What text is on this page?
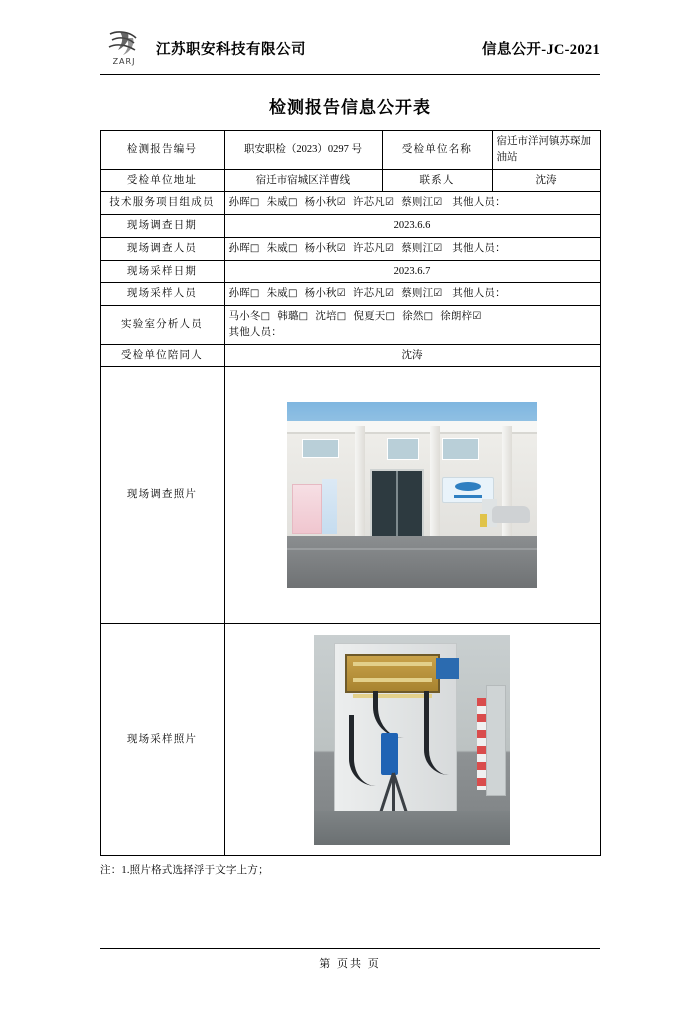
ZARJ
江苏职安科技有限公司	信息公开-JC-2021
检测报告信息公开表
检测报告编号	职安职检（2023）0297 号	受检单位名称	宿迁市洋河镇苏琛加油站
受检单位地址	宿迁市宿城区洋曹线	联系人	沈涛
技术服务项目组成员	孙晖□ 朱威□ 杨小秋☑ 许芯凡☑ 蔡则江☑ 其他人员：		
现场调查日期	2023.6.6		
现场调查人员	孙晖□ 朱威□ 杨小秋☑ 许芯凡☑ 蔡则江☑ 其他人员：		
现场采样日期	2023.6.7		
现场采样人员	孙晖□ 朱威□ 杨小秋☑ 许芯凡☑ 蔡则江☑ 其他人员：		
实验室分析人员	马小冬□ 韩璐□ 沈培□ 倪夏天□ 徐然□ 徐朗梓☑
其他人员：		
受检单位陪同人	沈涛		
现场调查照片			

现场采样照片			
注：1.照片格式选择浮于文字上方；
第 页共 页
